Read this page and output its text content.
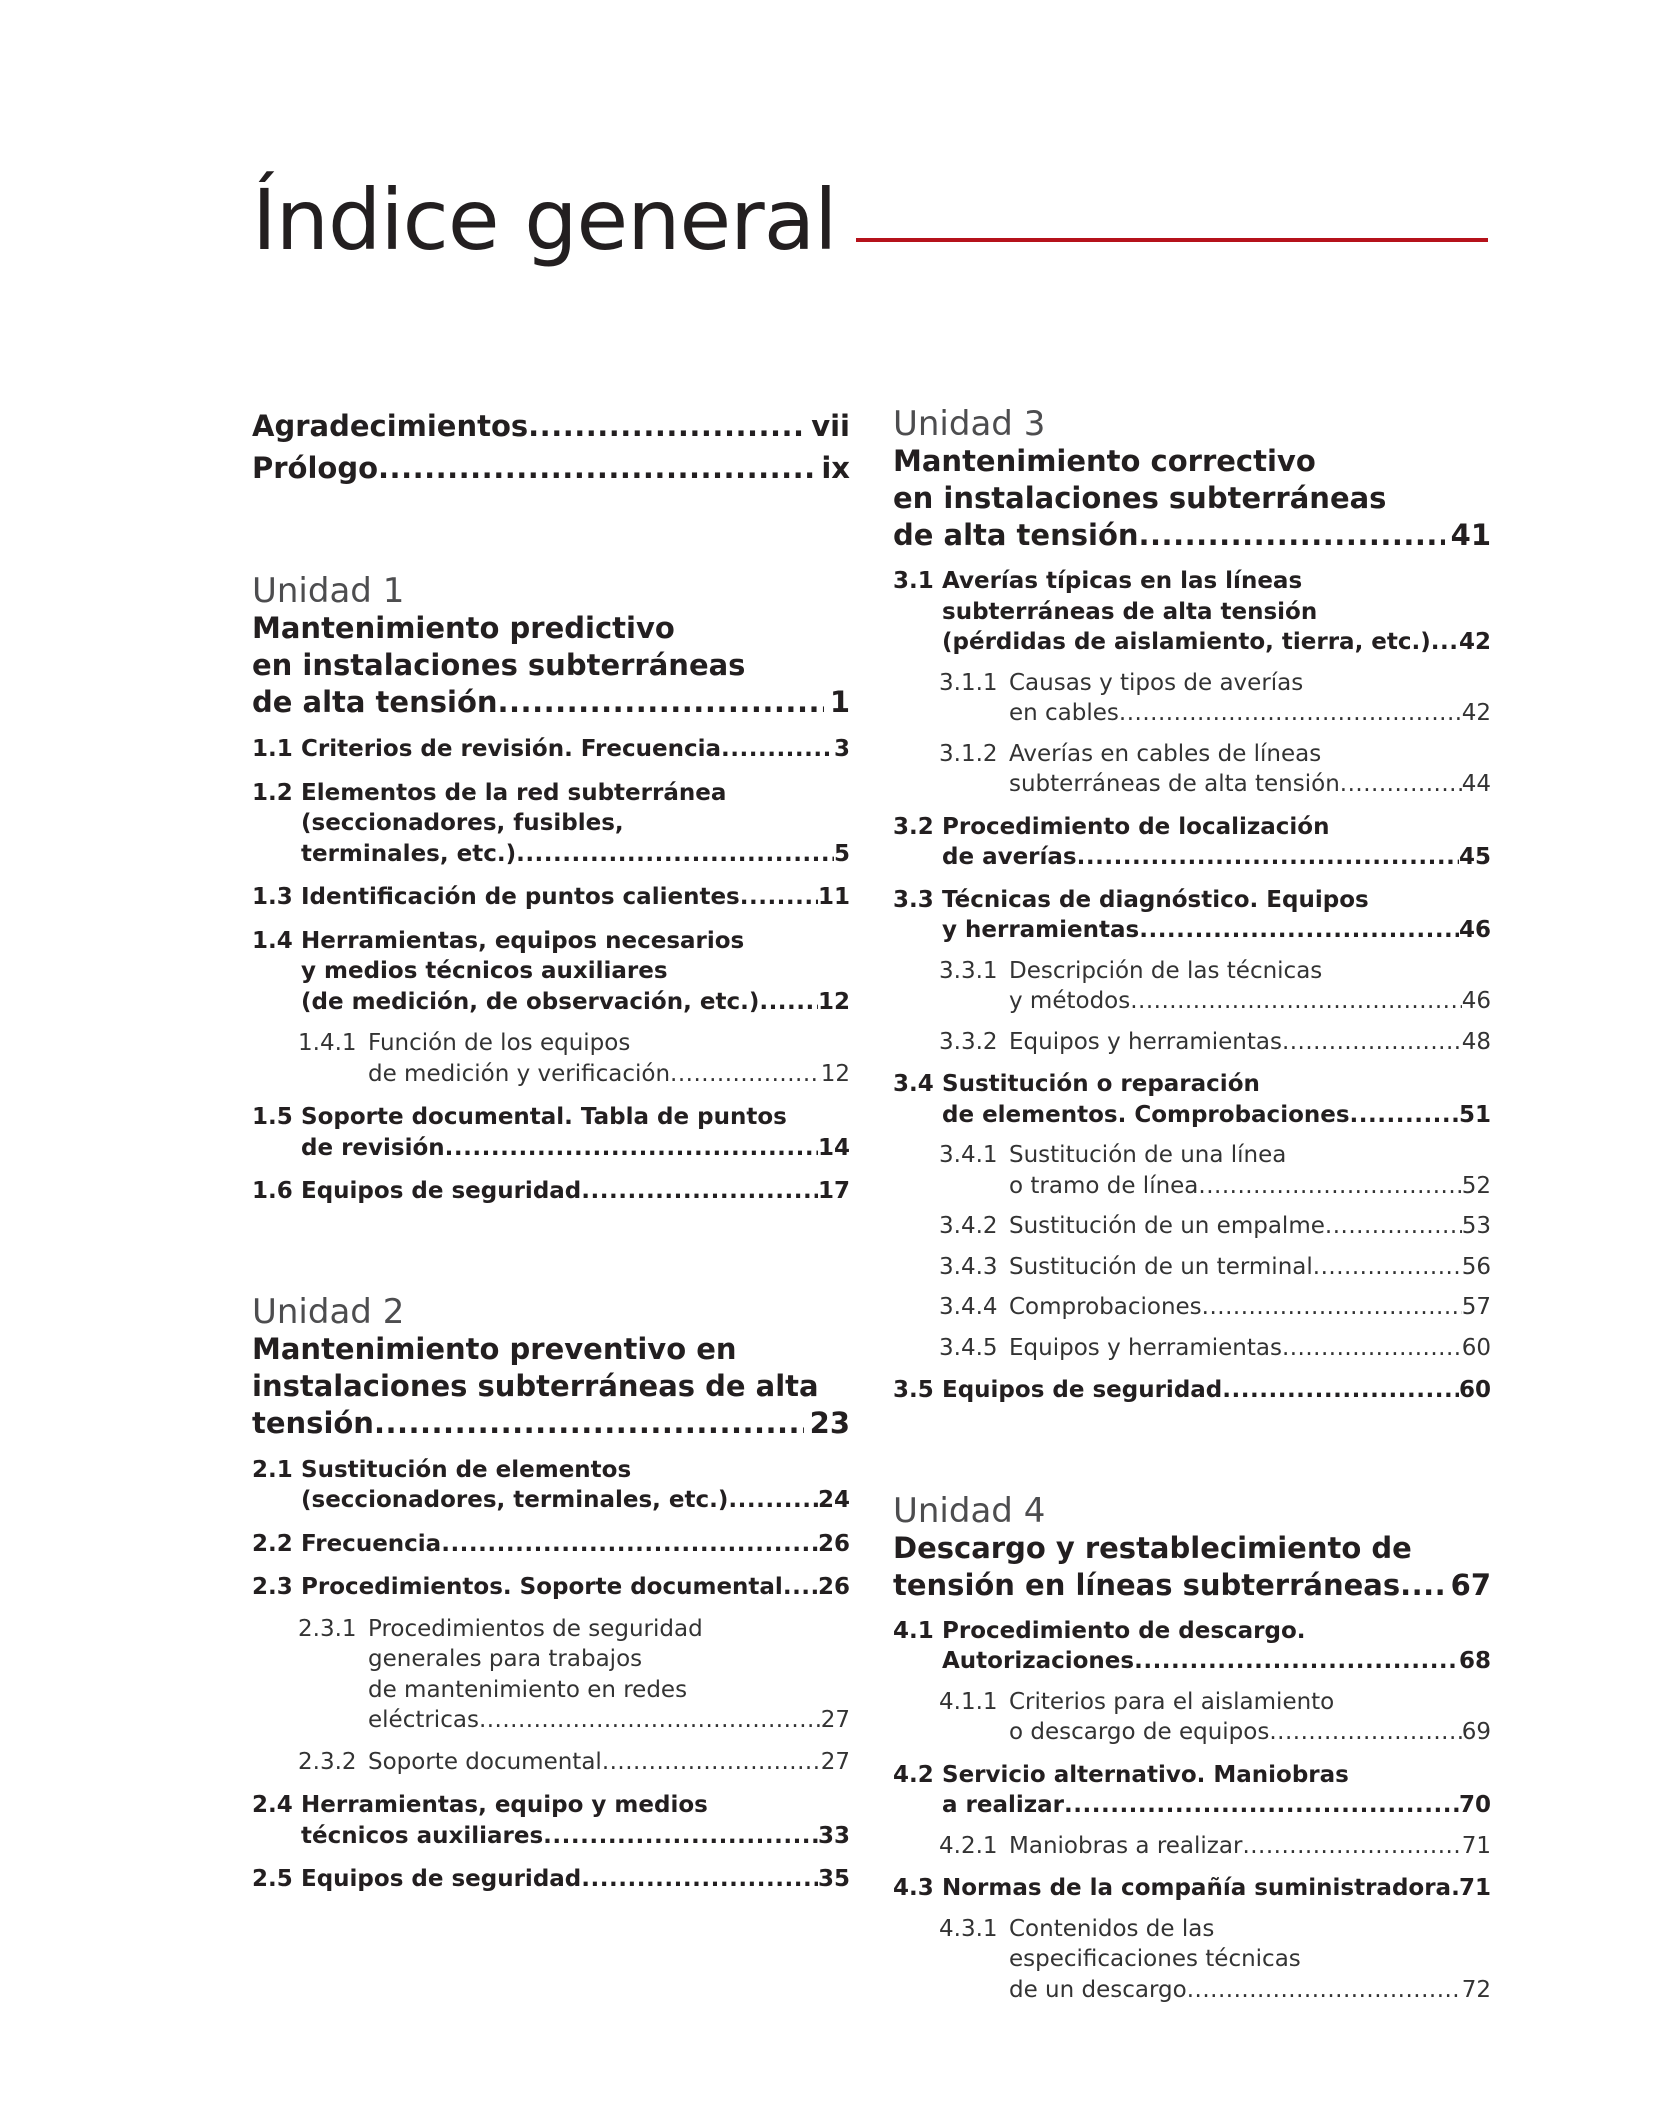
Índice general
Agradecimientos .....	vii
Prólogo .....	ix
Unidad 1
Mantenimiento predictivo
en instalaciones subterráneas
de alta tensión .....	1
1.1 Criterios de revisión. Frecuencia .....	3
1.2 Elementos de la red subterránea
(seccionadores, fusibles,
terminales, etc.) .....	5
1.3 Identificación de puntos calientes .....	11
1.4 Herramientas, equipos necesarios
y medios técnicos auxiliares
(de medición, de observación, etc.) .....	12
1.4.1 Función de los equipos
de medición y verificación .....	12
1.5 Soporte documental. Tabla de puntos
de revisión .....	14
1.6 Equipos de seguridad .....	17
Unidad 2
Mantenimiento preventivo en
instalaciones subterráneas de alta
tensión .....	23
2.1 Sustitución de elementos
(seccionadores, terminales, etc.) .....	24
2.2 Frecuencia .....	26
2.3 Procedimientos. Soporte documental ..... 26
2.3.1 Procedimientos de seguridad
generales para trabajos
de mantenimiento en redes
eléctricas .....	27
2.3.2 Soporte documental .....	27
2.4 Herramientas, equipo y medios
técnicos auxiliares .....	33
2.5 Equipos de seguridad .....	35
Unidad 3
Mantenimiento correctivo
en instalaciones subterráneas
de alta tensión .....	41
3.1 Averías típicas en las líneas
subterráneas de alta tensión
(pérdidas de aislamiento, tierra, etc.) ..... 42
3.1.1 Causas y tipos de averías
en cables .....	42
3.1.2 Averías en cables de líneas
subterráneas de alta tensión .....	44
3.2 Procedimiento de localización
de averías .....	45
3.3 Técnicas de diagnóstico. Equipos
y herramientas .....	46
3.3.1 Descripción de las técnicas
y métodos .....	46
3.3.2 Equipos y herramientas .....	48
3.4 Sustitución o reparación
de elementos. Comprobaciones .....	51
3.4.1 Sustitución de una línea
o tramo de línea .....	52
3.4.2 Sustitución de un empalme .....	53
3.4.3 Sustitución de un terminal .....	56
3.4.4 Comprobaciones .....	57
3.4.5 Equipos y herramientas .....	60
3.5 Equipos de seguridad .....	60
Unidad 4
Descargo y restablecimiento de
tensión en líneas subterráneas ..... 67
4.1 Procedimiento de descargo.
Autorizaciones .....	68
4.1.1 Criterios para el aislamiento
o descargo de equipos .....	69
4.2 Servicio alternativo. Maniobras
a realizar .....	70
4.2.1 Maniobras a realizar .....	71
4.3 Normas de la compañía suministradora ..... 71
4.3.1 Contenidos de las
especificaciones técnicas
de un descargo .....	72
